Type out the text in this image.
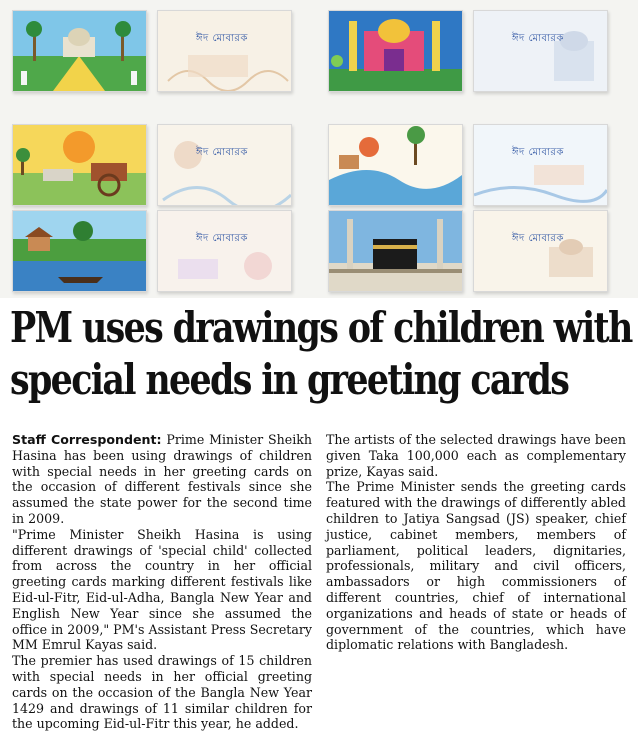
ঈদ মোবারক	ঈদ মোবারক
ঈদ মোবারক	ঈদ মোবারক
ঈদ মোবারক	ঈদ মোবারক
PM uses drawings of children with
special needs in greeting cards

Staff Correspondent: Prime Minister Sheikh Hasina has been using drawings of children with special needs in her greeting cards on the occasion of different festivals since she assumed the state power for the second time in 2009.

"Prime Minister Sheikh Hasina is using different drawings of 'special child' collected from across the country in her official greeting cards marking different festivals like Eid-ul-Fitr, Eid-ul-Adha, Bangla New Year and English New Year since she assumed the office in 2009," PM's Assistant Press Secretary MM Emrul Kayas said.

The premier has used drawings of 15 children with special needs in her official greeting cards on the occasion of the Bangla New Year 1429 and drawings of 11 similar children for the upcoming Eid-ul-Fitr this year, he added.

The artists of the selected drawings have been given Taka 100,000 each as complementary prize, Kayas said.

The Prime Minister sends the greeting cards featured with the drawings of differently abled children to Jatiya Sangsad (JS) speaker, chief justice, cabinet members, members of parliament, political leaders, dignitaries, professionals, military and civil officers, ambassadors or high commissioners of different countries, chief of international organizations and heads of state or heads of government of the countries, which have diplomatic relations with Bangladesh.
